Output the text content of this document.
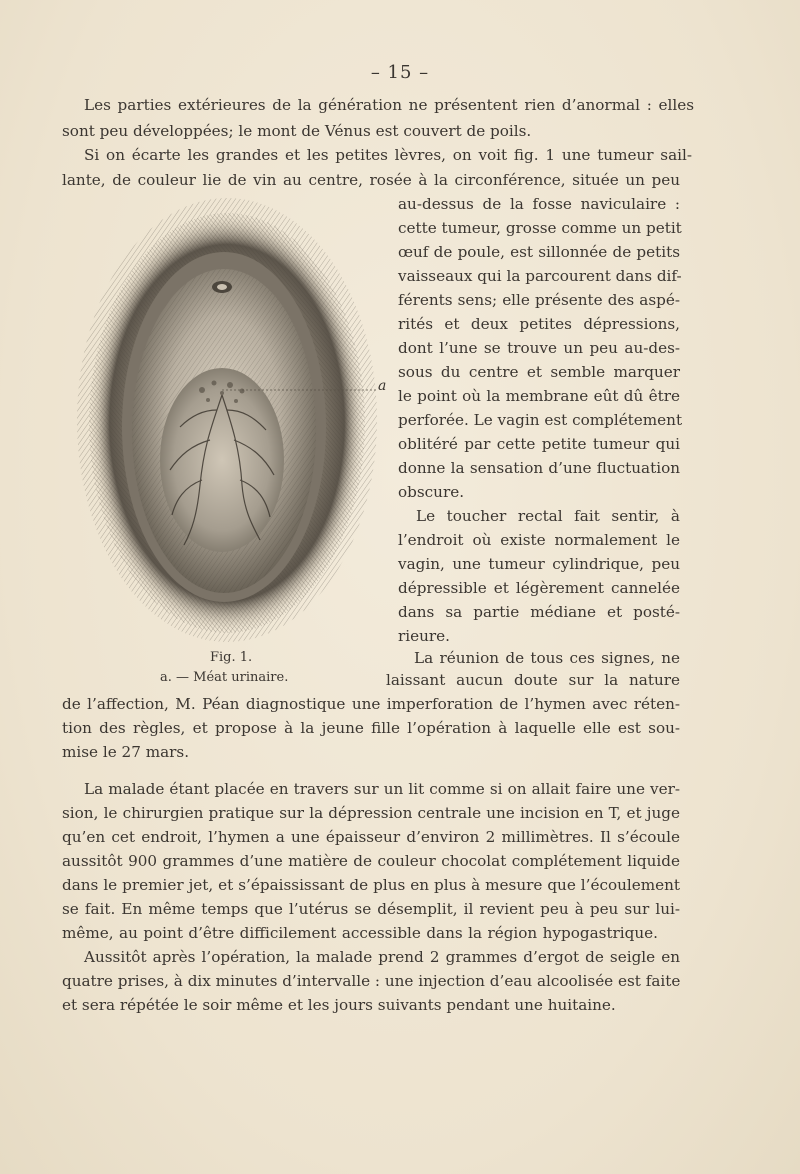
– 15 –
Les parties extérieures de la génération ne présentent rien d’anormal : elles
sont peu développées; le mont de Vénus est couvert de poils.
Si on écarte les grandes et les petites lèvres, on voit fig. 1 une tumeur sail-
lante, de couleur lie de vin au centre, rosée à la circonférence, située un peu
a
Fig. 1.
a. — Méat urinaire.
au-dessus de la fosse naviculaire :
cette tumeur, grosse comme un petit
œuf de poule, est sillonnée de petits
vaisseaux qui la parcourent dans dif-
férents sens; elle présente des aspé-
rités et deux petites dépressions,
dont l’une se trouve un peu au-des-
sous du centre et semble marquer
le point où la membrane eût dû être
perforée. Le vagin est complétement
oblitéré par cette petite tumeur qui
donne la sensation d’une fluctuation
obscure.
Le toucher rectal fait sentir, à
l’endroit où existe normalement le
vagin, une tumeur cylindrique, peu
dépressible et légèrement cannelée
dans sa partie médiane et posté-
rieure.
La réunion de tous ces signes, ne
laissant aucun doute sur la nature
de l’affection, M. Péan diagnostique une imperforation de l’hymen avec réten-
tion des règles, et propose à la jeune fille l’opération à laquelle elle est sou-
mise le 27 mars.
La malade étant placée en travers sur un lit comme si on allait faire une ver-
sion, le chirurgien pratique sur la dépression centrale une incision en T, et juge
qu’en cet endroit, l’hymen a une épaisseur d’environ 2 millimètres. Il s’écoule
aussitôt 900 grammes d’une matière de couleur chocolat complétement liquide
dans le premier jet, et s’épaississant de plus en plus à mesure que l’écoulement
se fait. En même temps que l’utérus se désemplit, il revient peu à peu sur lui-
même, au point d’être difficilement accessible dans la région hypogastrique.
Aussitôt après l’opération, la malade prend 2 grammes d’ergot de seigle en
quatre prises, à dix minutes d’intervalle : une injection d’eau alcoolisée est faite
et sera répétée le soir même et les jours suivants pendant une huitaine.
